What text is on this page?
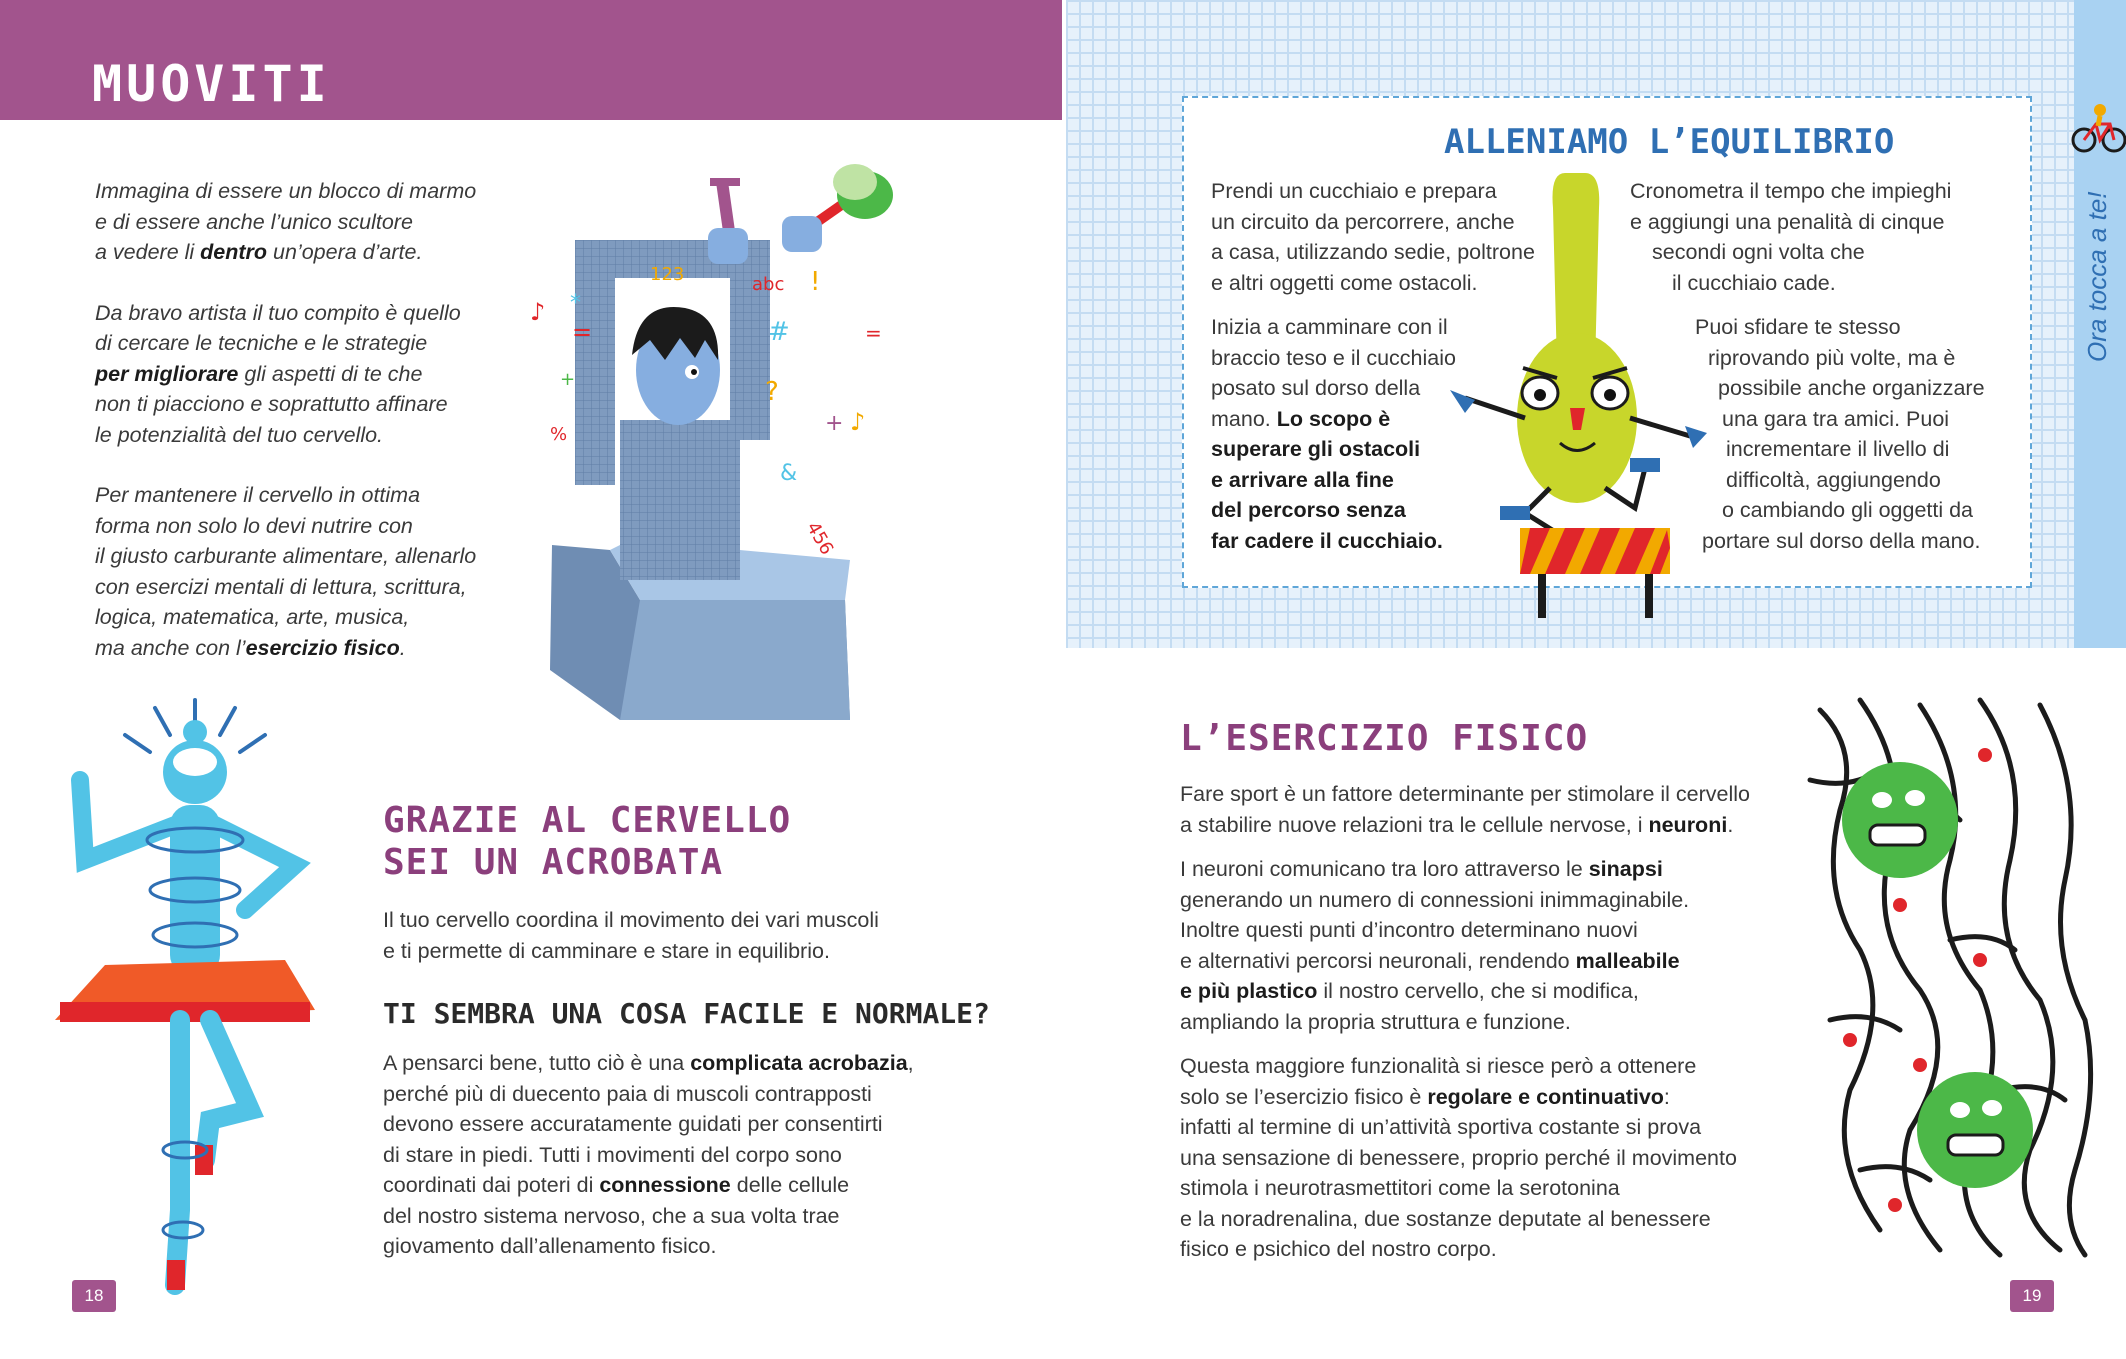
MUOVITI
Immagina di essere un blocco di marmo
e di essere anche l’unico scultore
a vedere li dentro un’opera d’arte.
Da bravo artista il tuo compito è quello
di cercare le tecniche e le strategie
per migliorare gli aspetti di te che
non ti piacciono e soprattutto affinare
le potenzialità del tuo cervello.
Per mantenere il cervello in ottima
forma non solo lo devi nutrire con
il giusto carburante alimentare, allenarlo
con esercizi mentali di lettura, scrittura,
logica, matematica, arte, musica,
ma anche con l’esercizio fisico.
123	abc
?
!
#
*
=
%	+
456
♪
♪
&
+
=
GRAZIE AL CERVELLO
SEI UN ACROBATA
Il tuo cervello coordina il movimento dei vari muscoli
e ti permette di camminare e stare in equilibrio.
TI SEMBRA UNA COSA FACILE E NORMALE?
A pensarci bene, tutto ciò è una complicata acrobazia,
perché più di duecento paia di muscoli contrapposti
devono essere accuratamente guidati per consentirti
di stare in piedi. Tutti i movimenti del corpo sono
coordinati dai poteri di connessione delle cellule
del nostro sistema nervoso, che a sua volta trae
giovamento dall’allenamento fisico.
18
Ora tocca a te!
ALLENIAMO L’EQUILIBRIO
Prendi un cucchiaio e prepara
un circuito da percorrere, anche
a casa, utilizzando sedie, poltrone
e altri oggetti come ostacoli.
Inizia a camminare con il
braccio teso e il cucchiaio
posato sul dorso della
mano. Lo scopo è
superare gli ostacoli
e arrivare alla fine
del percorso senza
far cadere il cucchiaio.
Cronometra il tempo che impieghi
e aggiungi una penalità di cinque
secondi ogni volta che
il cucchiaio cade.
Puoi sfidare te stesso
riprovando più volte, ma è
possibile anche organizzare
una gara tra amici. Puoi
incrementare il livello di
difficoltà, aggiungendo
o cambiando gli oggetti da
portare sul dorso della mano.
L’ESERCIZIO FISICO
Fare sport è un fattore determinante per stimolare il cervello
a stabilire nuove relazioni tra le cellule nervose, i neuroni.
I neuroni comunicano tra loro attraverso le sinapsi
generando un numero di connessioni inimmaginabile.
Inoltre questi punti d’incontro determinano nuovi
e alternativi percorsi neuronali, rendendo malleabile
e più plastico il nostro cervello, che si modifica,
ampliando la propria struttura e funzione.
Questa maggiore funzionalità si riesce però a ottenere
solo se l’esercizio fisico è regolare e continuativo:
infatti al termine di un’attività sportiva costante si prova
una sensazione di benessere, proprio perché il movimento
stimola i neurotrasmettitori come la serotonina
e la noradrenalina, due sostanze deputate al benessere
fisico e psichico del nostro corpo.
19
